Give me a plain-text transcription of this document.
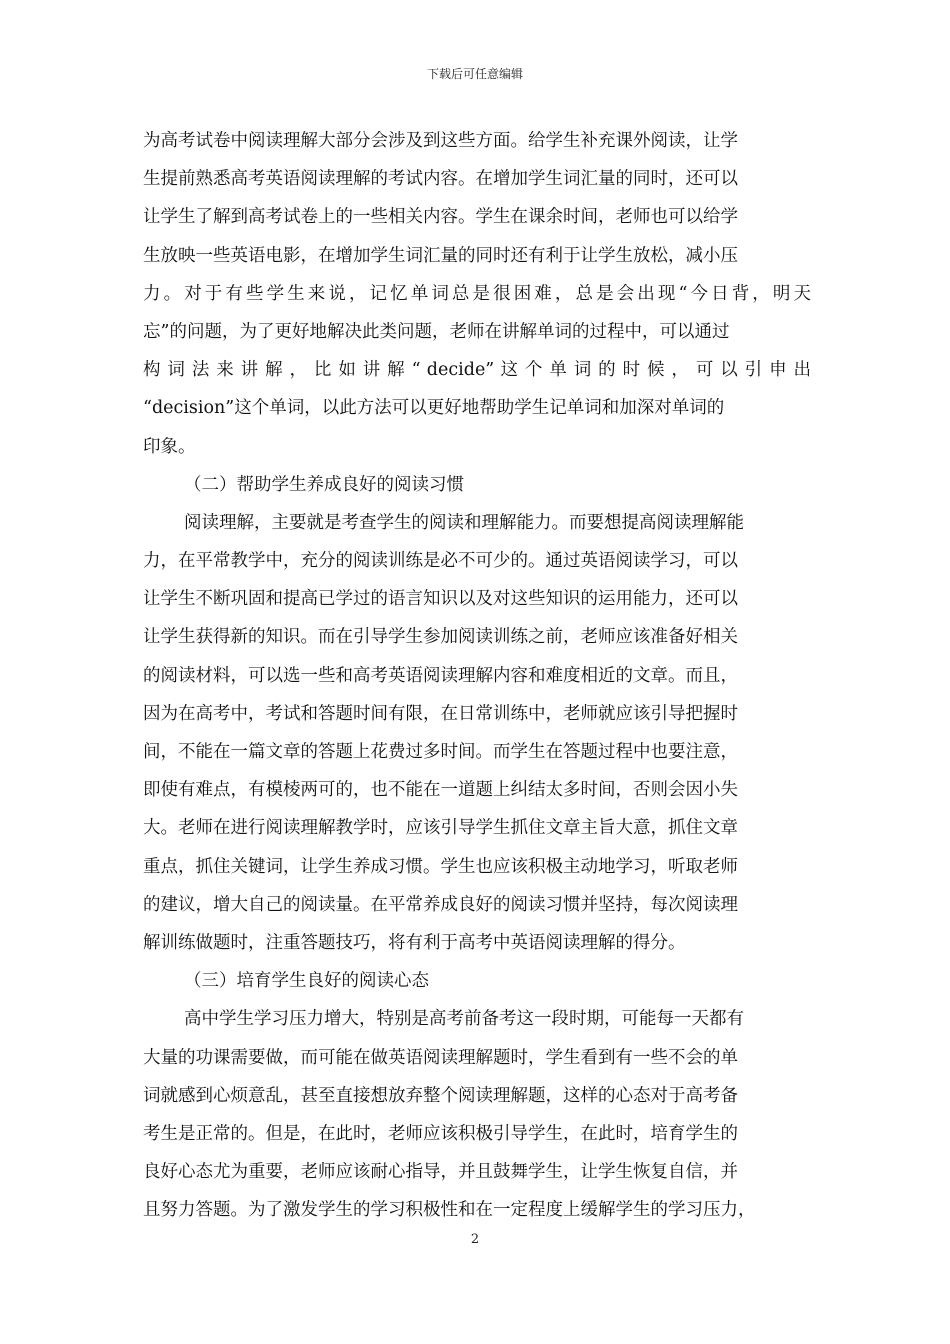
下载后可任意编辑
为高考试卷中阅读理解大部分会涉及到这些方面。给学生补充课外阅读，让学
生提前熟悉高考英语阅读理解的考试内容。在增加学生词汇量的同时，还可以
让学生了解到高考试卷上的一些相关内容。学生在课余时间，老师也可以给学
生放映一些英语电影，在增加学生词汇量的同时还有利于让学生放松，减小压
力。对于有些学生来说，记忆单词总是很困难，总是会出现“今日背，明天
忘”的问题，为了更好地解决此类问题，老师在讲解单词的过程中，可以通过
构 词 法 来 讲 解 ， 比 如 讲 解 “ decide” 这 个 单 词 的 时 候 ， 可 以 引 申 出
“decision”这个单词，以此方法可以更好地帮助学生记单词和加深对单词的
印象。
（二）帮助学生养成良好的阅读习惯
阅读理解，主要就是考查学生的阅读和理解能力。而要想提高阅读理解能
力，在平常教学中，充分的阅读训练是必不可少的。通过英语阅读学习，可以
让学生不断巩固和提高已学过的语言知识以及对这些知识的运用能力，还可以
让学生获得新的知识。而在引导学生参加阅读训练之前，老师应该准备好相关
的阅读材料，可以选一些和高考英语阅读理解内容和难度相近的文章。而且，
因为在高考中，考试和答题时间有限，在日常训练中，老师就应该引导把握时
间，不能在一篇文章的答题上花费过多时间。而学生在答题过程中也要注意，
即使有难点，有模棱两可的，也不能在一道题上纠结太多时间，否则会因小失
大。老师在进行阅读理解教学时，应该引导学生抓住文章主旨大意，抓住文章
重点，抓住关键词，让学生养成习惯。学生也应该积极主动地学习，听取老师
的建议，增大自己的阅读量。在平常养成良好的阅读习惯并坚持，每次阅读理
解训练做题时，注重答题技巧，将有利于高考中英语阅读理解的得分。
（三）培育学生良好的阅读心态
高中学生学习压力增大，特别是高考前备考这一段时期，可能每一天都有
大量的功课需要做，而可能在做英语阅读理解题时，学生看到有一些不会的单
词就感到心烦意乱，甚至直接想放弃整个阅读理解题，这样的心态对于高考备
考生是正常的。但是，在此时，老师应该积极引导学生，在此时，培育学生的
良好心态尤为重要，老师应该耐心指导，并且鼓舞学生，让学生恢复自信，并
且努力答题。为了激发学生的学习积极性和在一定程度上缓解学生的学习压力，
2
